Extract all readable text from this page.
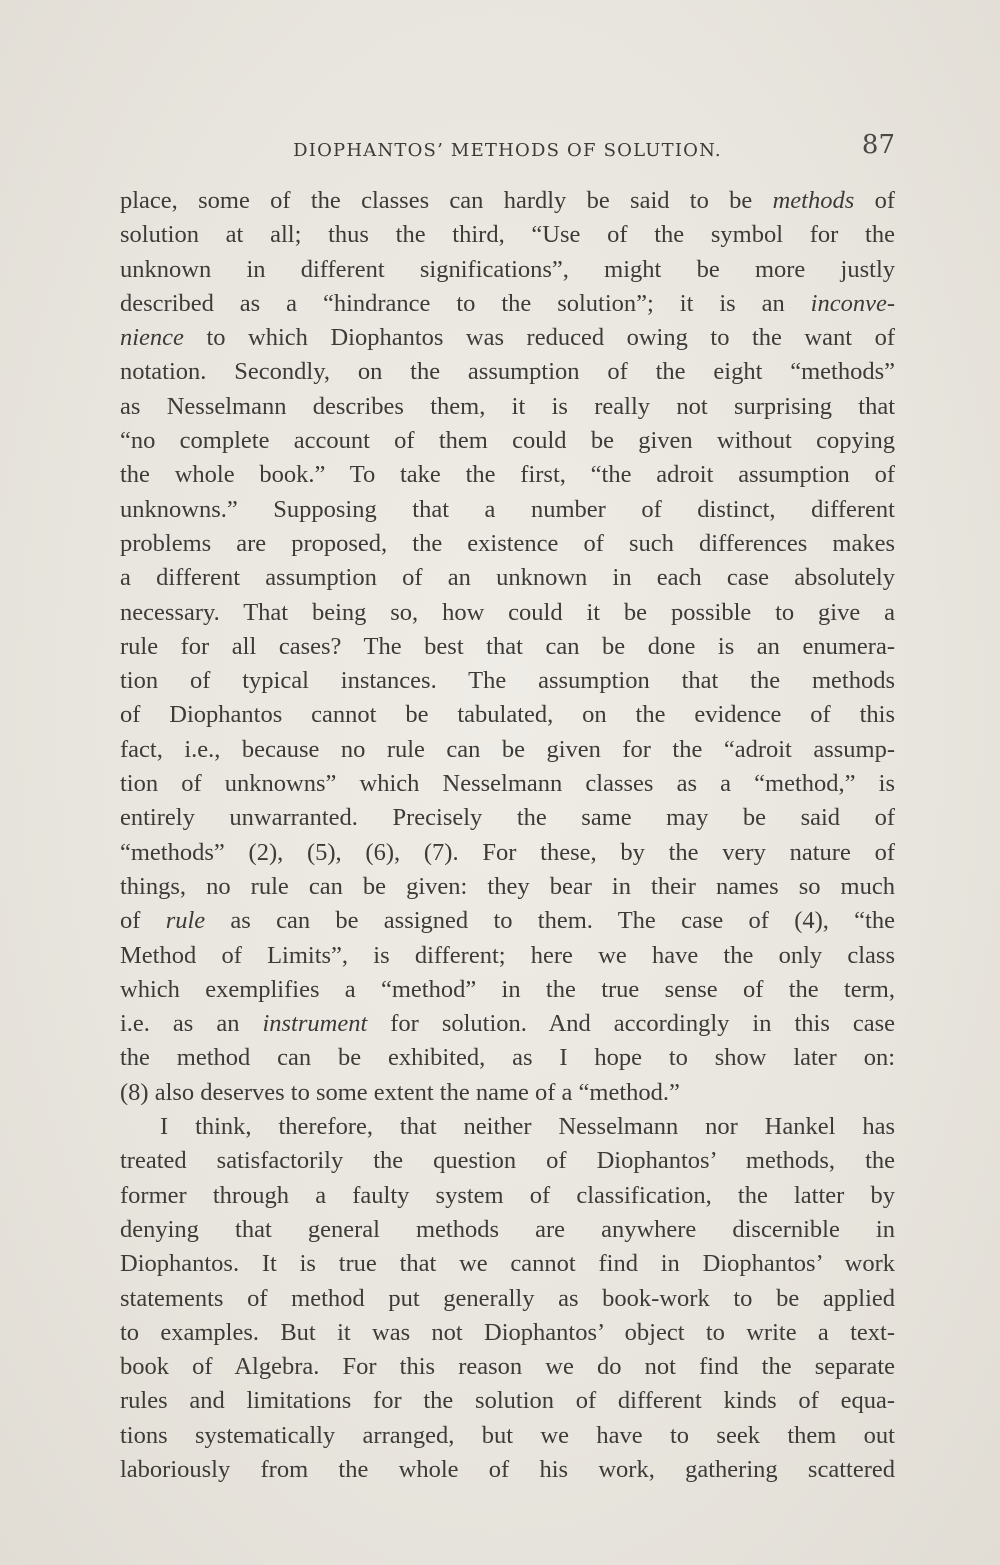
DIOPHANTOS’ METHODS OF SOLUTION.	87
place, some of the classes can hardly be said to be methods of
solution at all; thus the third, “Use of the symbol for the
unknown in different significations”, might be more justly
described as a “hindrance to the solution”; it is an inconve-
nience to which Diophantos was reduced owing to the want of
notation. Secondly, on the assumption of the eight “methods”
as Nesselmann describes them, it is really not surprising that
“no complete account of them could be given without copying
the whole book.” To take the first, “the adroit assumption of
unknowns.” Supposing that a number of distinct, different
problems are proposed, the existence of such differences makes
a different assumption of an unknown in each case absolutely
necessary. That being so, how could it be possible to give a
rule for all cases? The best that can be done is an enumera-
tion of typical instances. The assumption that the methods
of Diophantos cannot be tabulated, on the evidence of this
fact, i.e., because no rule can be given for the “adroit assump-
tion of unknowns” which Nesselmann classes as a “method,” is
entirely unwarranted. Precisely the same may be said of
“methods” (2), (5), (6), (7). For these, by the very nature of
things, no rule can be given: they bear in their names so much
of rule as can be assigned to them. The case of (4), “the
Method of Limits”, is different; here we have the only class
which exemplifies a “method” in the true sense of the term,
i.e. as an instrument for solution. And accordingly in this case
the method can be exhibited, as I hope to show later on:
(8) also deserves to some extent the name of a “method.”
I think, therefore, that neither Nesselmann nor Hankel has
treated satisfactorily the question of Diophantos’ methods, the
former through a faulty system of classification, the latter by
denying that general methods are anywhere discernible in
Diophantos. It is true that we cannot find in Diophantos’ work
statements of method put generally as book-work to be applied
to examples. But it was not Diophantos’ object to write a text-
book of Algebra. For this reason we do not find the separate
rules and limitations for the solution of different kinds of equa-
tions systematically arranged, but we have to seek them out
laboriously from the whole of his work, gathering scattered
